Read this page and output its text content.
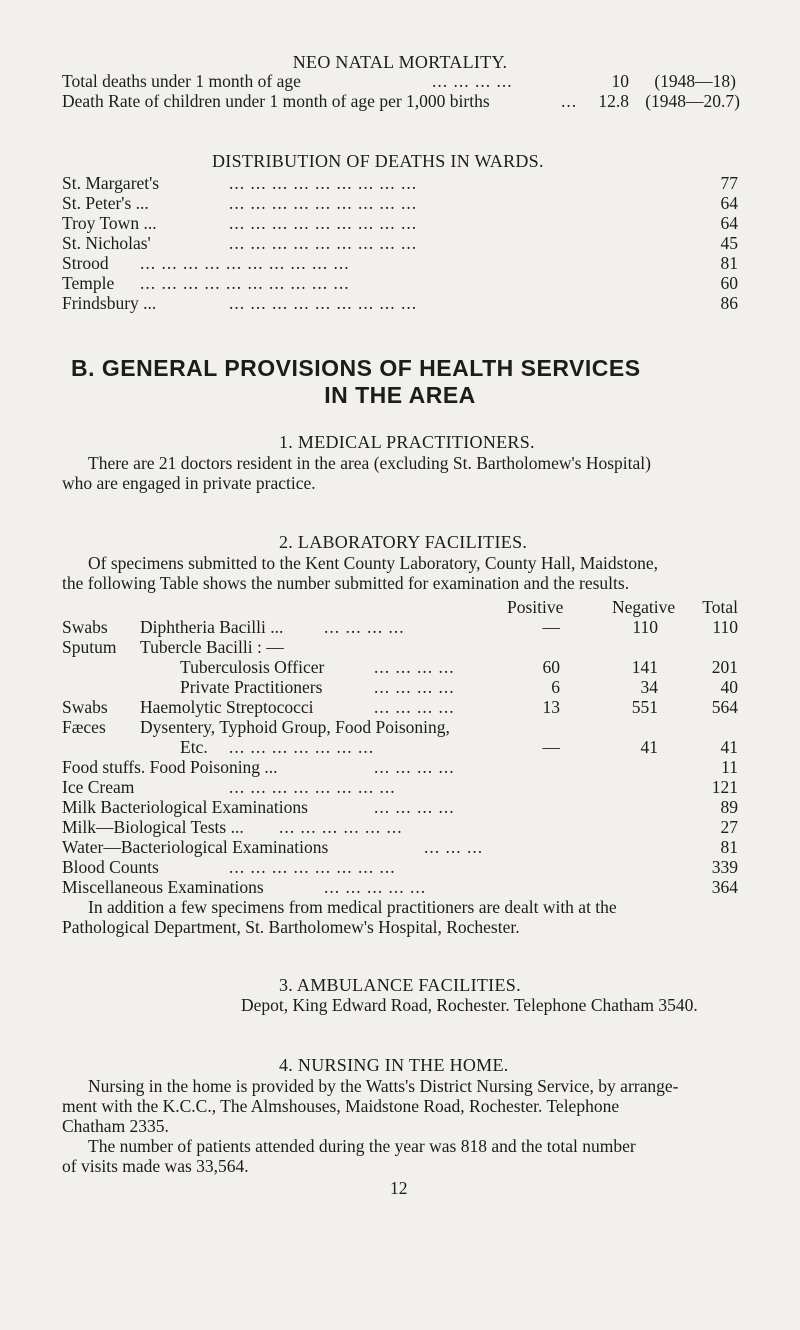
NEO NATAL MORTALITY.
Total deaths under 1 month of age	... ... ... ...	10	(1948—18)
Death Rate of children under 1 month of age per 1,000 births	... 12.8 (1948—20.7)
DISTRIBUTION OF DEATHS IN WARDS.
St. Margaret's	... ... ... ... ... ... ... ... ...	77
St. Peter's ...	... ... ... ... ... ... ... ... ...	64
Troy Town ...	... ... ... ... ... ... ... ... ...	64
St. Nicholas'	... ... ... ... ... ... ... ... ...	45
Strood ... ... ... ... ... ... ... ... ... ...	81
Temple ... ... ... ... ... ... ... ... ... ...	60
Frindsbury ...	... ... ... ... ... ... ... ... ...	86
B. GENERAL PROVISIONS OF HEALTH SERVICES
IN THE AREA
1. MEDICAL PRACTITIONERS.
There are 21 doctors resident in the area (excluding St. Bartholomew's Hospital)
who are engaged in private practice.
2. LABORATORY FACILITIES.
Of specimens submitted to the Kent County Laboratory, County Hall, Maidstone,
the following Table shows the number submitted for examination and the results.
Positive	Negative	Total
Swabs Diphtheria Bacilli ... ... ... ... ...	—	110	110
Sputum Tubercle Bacilli : —
Tuberculosis Officer	... ... ... ...	60	141	201
Private Practitioners	... ... ... ...	6	34	40
Swabs Haemolytic Streptococci	... ... ... ...	13	551	564
Fæces Dysentery, Typhoid Group, Food Poisoning,
Etc. ... ... ... ... ... ... ...	—	41	41
Food stuffs. Food Poisoning ...	... ... ... ...	11
Ice Cream	... ... ... ... ... ... ... ...	121
Milk Bacteriological Examinations	... ... ... ...	89
Milk—Biological Tests ... ... ... ... ... ... ...	27
Water—Bacteriological Examinations	... ... ...	81
Blood Counts	... ... ... ... ... ... ... ...	339
Miscellaneous Examinations	... ... ... ... ...	364
In addition a few specimens from medical practitioners are dealt with at the
Pathological Department, St. Bartholomew's Hospital, Rochester.
3. AMBULANCE FACILITIES.
Depot, King Edward Road, Rochester. Telephone Chatham 3540.
4. NURSING IN THE HOME.
Nursing in the home is provided by the Watts's District Nursing Service, by arrange-
ment with the K.C.C., The Almshouses, Maidstone Road, Rochester. Telephone
Chatham 2335.
The number of patients attended during the year was 818 and the total number
of visits made was 33,564.
12
